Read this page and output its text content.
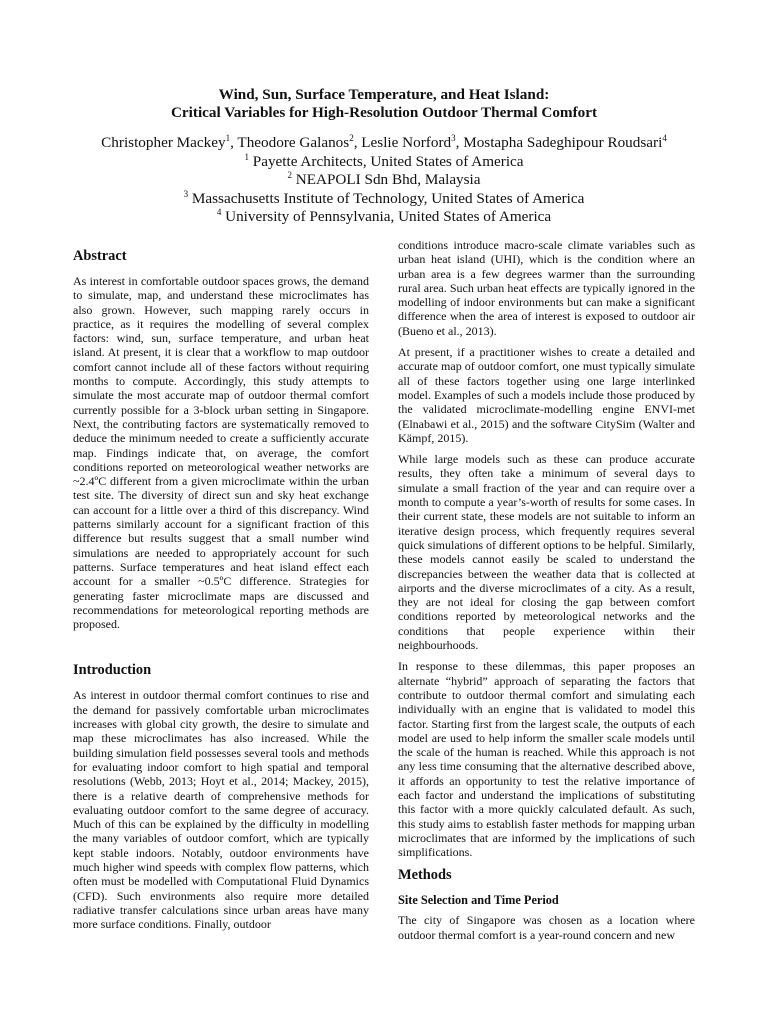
Wind, Sun, Surface Temperature, and Heat Island:
Critical Variables for High-Resolution Outdoor Thermal Comfort
Christopher Mackey$^1$, Theodore Galanos$^2$, Leslie Norford$^3$, Mostapha Sadeghipour Roudsari$^4$
$^1$ Payette Architects, United States of America
$^2$ NEAPOLI Sdn Bhd, Malaysia
$^3$ Massachusetts Institute of Technology, United States of America
$^4$ University of Pennsylvania, United States of America
Abstract

As interest in comfortable outdoor spaces grows, the demand to simulate, map, and understand these microclimates has also grown. However, such mapping rarely occurs in practice, as it requires the modelling of several complex factors: wind, sun, surface temperature, and urban heat island. At present, it is clear that a workflow to map outdoor comfort cannot include all of these factors without requiring months to compute. Accordingly, this study attempts to simulate the most accurate map of outdoor thermal comfort currently possible for a 3-block urban setting in Singapore. Next, the contributing factors are systematically removed to deduce the minimum needed to create a sufficiently accurate map. Findings indicate that, on average, the comfort conditions reported on meteorological weather networks are ~2.4ºC different from a given microclimate within the urban test site. The diversity of direct sun and sky heat exchange can account for a little over a third of this discrepancy. Wind patterns similarly account for a significant fraction of this difference but results suggest that a small number wind simulations are needed to appropriately account for such patterns. Surface temperatures and heat island effect each account for a smaller ~0.5ºC difference. Strategies for generating faster microclimate maps are discussed and recommendations for meteorological reporting methods are proposed.

Introduction

As interest in outdoor thermal comfort continues to rise and the demand for passively comfortable urban microclimates increases with global city growth, the desire to simulate and map these microclimates has also increased. While the building simulation field possesses several tools and methods for evaluating indoor comfort to high spatial and temporal resolutions (Webb, 2013; Hoyt et al., 2014; Mackey, 2015), there is a relative dearth of comprehensive methods for evaluating outdoor comfort to the same degree of accuracy. Much of this can be explained by the difficulty in modelling the many variables of outdoor comfort, which are typically kept stable indoors. Notably, outdoor environments have much higher wind speeds with complex flow patterns, which often must be modelled with Computational Fluid Dynamics (CFD). Such environments also require more detailed radiative transfer calculations since urban areas have many more surface conditions. Finally, outdoor

conditions introduce macro-scale climate variables such as urban heat island (UHI), which is the condition where an urban area is a few degrees warmer than the surrounding rural area. Such urban heat effects are typically ignored in the modelling of indoor environments but can make a significant difference when the area of interest is exposed to outdoor air (Bueno et al., 2013).

At present, if a practitioner wishes to create a detailed and accurate map of outdoor comfort, one must typically simulate all of these factors together using one large interlinked model. Examples of such a models include those produced by the validated microclimate-modelling engine ENVI-met (Elnabawi et al., 2015) and the software CitySim (Walter and Kämpf, 2015).

While large models such as these can produce accurate results, they often take a minimum of several days to simulate a small fraction of the year and can require over a month to compute a year’s-worth of results for some cases. In their current state, these models are not suitable to inform an iterative design process, which frequently requires several quick simulations of different options to be helpful. Similarly, these models cannot easily be scaled to understand the discrepancies between the weather data that is collected at airports and the diverse microclimates of a city. As a result, they are not ideal for closing the gap between comfort conditions reported by meteorological networks and the conditions that people experience within their neighbourhoods.

In response to these dilemmas, this paper proposes an alternate “hybrid” approach of separating the factors that contribute to outdoor thermal comfort and simulating each individually with an engine that is validated to model this factor. Starting first from the largest scale, the outputs of each model are used to help inform the smaller scale models until the scale of the human is reached. While this approach is not any less time consuming that the alternative described above, it affords an opportunity to test the relative importance of each factor and understand the implications of substituting this factor with a more quickly calculated default. As such, this study aims to establish faster methods for mapping urban microclimates that are informed by the implications of such simplifications.

Methods
Site Selection and Time Period

The city of Singapore was chosen as a location where outdoor thermal comfort is a year-round concern and new
